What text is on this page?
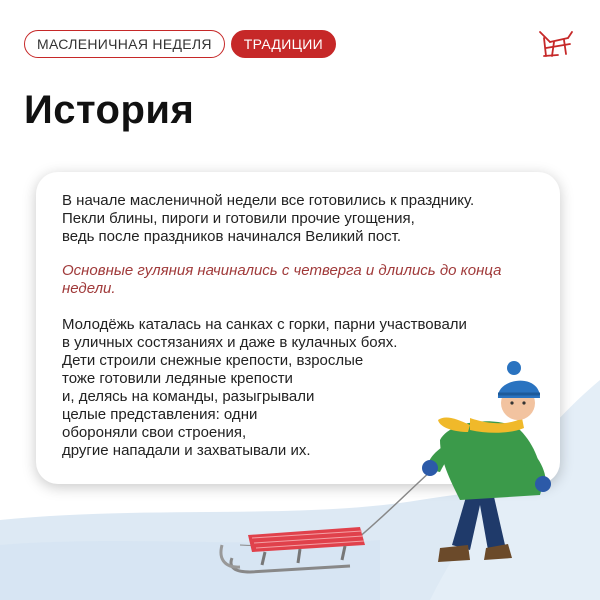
МАСЛЕНИЧНАЯ НЕДЕЛЯ	ТРАДИЦИИ
История

В начале масленичной недели все готовились к празднику.
Пекли блины, пироги и готовили прочие угощения,
ведь после праздников начинался Великий пост.

Основные гуляния начинались с четверга и длились до конца
недели.

Молодёжь каталась на санках с горки, парни участвовали
в уличных состязаниях и даже в кулачных боях.
Дети строили снежные крепости, взрослые
тоже готовили ледяные крепости
и, делясь на команды, разыгрывали
целые представления: одни
обороняли свои строения,
другие нападали и захватывали их.
